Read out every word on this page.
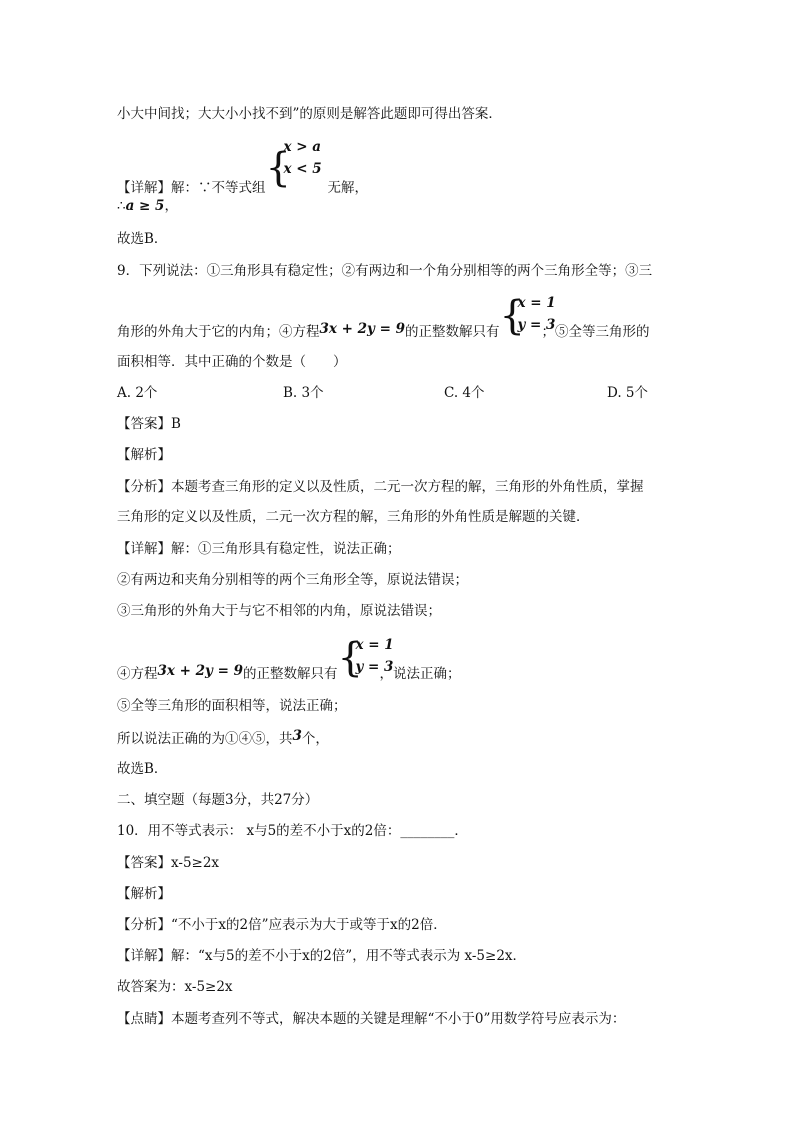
小大中间找；大大小小找不到”的原则是解答此题即可得出答案．
【详解】解：∵不等式组 {
x > a
x < 5
无解，
∴a ≥ 5，
故选B．
9．下列说法：①三角形具有稳定性；②有两边和一个角分别相等的两个三角形全等；③三
角形的外角大于它的内角；④方程3x + 2y = 9的正整数解只有 {
x = 1
y = 3
；⑤全等三角形的
面积相等．其中正确的个数是（　　）
A. 2个	B. 3个	C. 4个	D. 5个
【答案】B
【解析】
【分析】本题考查三角形的定义以及性质，二元一次方程的解，三角形的外角性质，掌握
三角形的定义以及性质，二元一次方程的解，三角形的外角性质是解题的关键．
【详解】解：①三角形具有稳定性，说法正确；
②有两边和夹角分别相等的两个三角形全等，原说法错误；
③三角形的外角大于与它不相邻的内角，原说法错误；
④方程3x + 2y = 9的正整数解只有 {
x = 1
y = 3
，说法正确；
⑤全等三角形的面积相等，说法正确；
所以说法正确的为①④⑤，共3个，
故选B．
二、填空题（每题3分，共27分）
10．用不等式表示： x与5的差不小于x的2倍：________．
【答案】x-5≥2x
【解析】
【分析】“不小于x的2倍”应表示为大于或等于x的2倍．
【详解】解：“x与5的差不小于x的2倍”，用不等式表示为 x-5≥2x．
故答案为：x-5≥2x
【点睛】本题考查列不等式，解决本题的关键是理解“不小于0”用数学符号应表示为：
